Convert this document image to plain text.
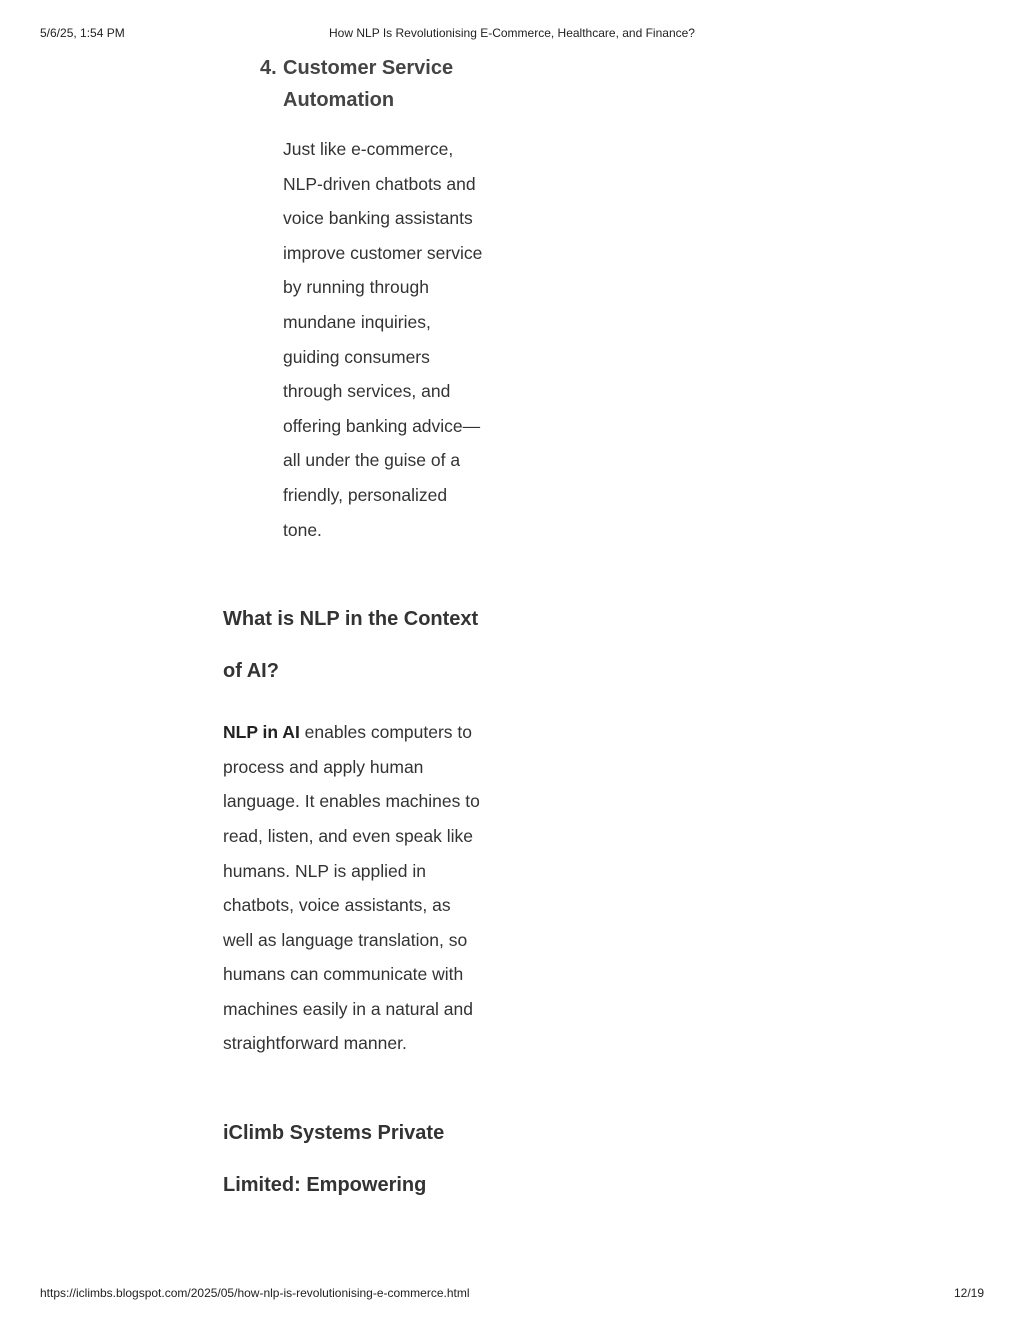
5/6/25, 1:54 PM	How NLP Is Revolutionising E-Commerce, Healthcare, and Finance?
4. Customer Service Automation

Just like e-commerce, NLP-driven chatbots and voice banking assistants improve customer service by running through mundane inquiries, guiding consumers through services, and offering banking advice—all under the guise of a friendly, personalized tone.

What is NLP in the Context of AI?

NLP in AI enables computers to process and apply human language. It enables machines to read, listen, and even speak like humans. NLP is applied in chatbots, voice assistants, as well as language translation, so humans can communicate with machines easily in a natural and straightforward manner.

iClimb Systems Private Limited: Empowering
https://iclimbs.blogspot.com/2025/05/how-nlp-is-revolutionising-e-commerce.html	12/19
